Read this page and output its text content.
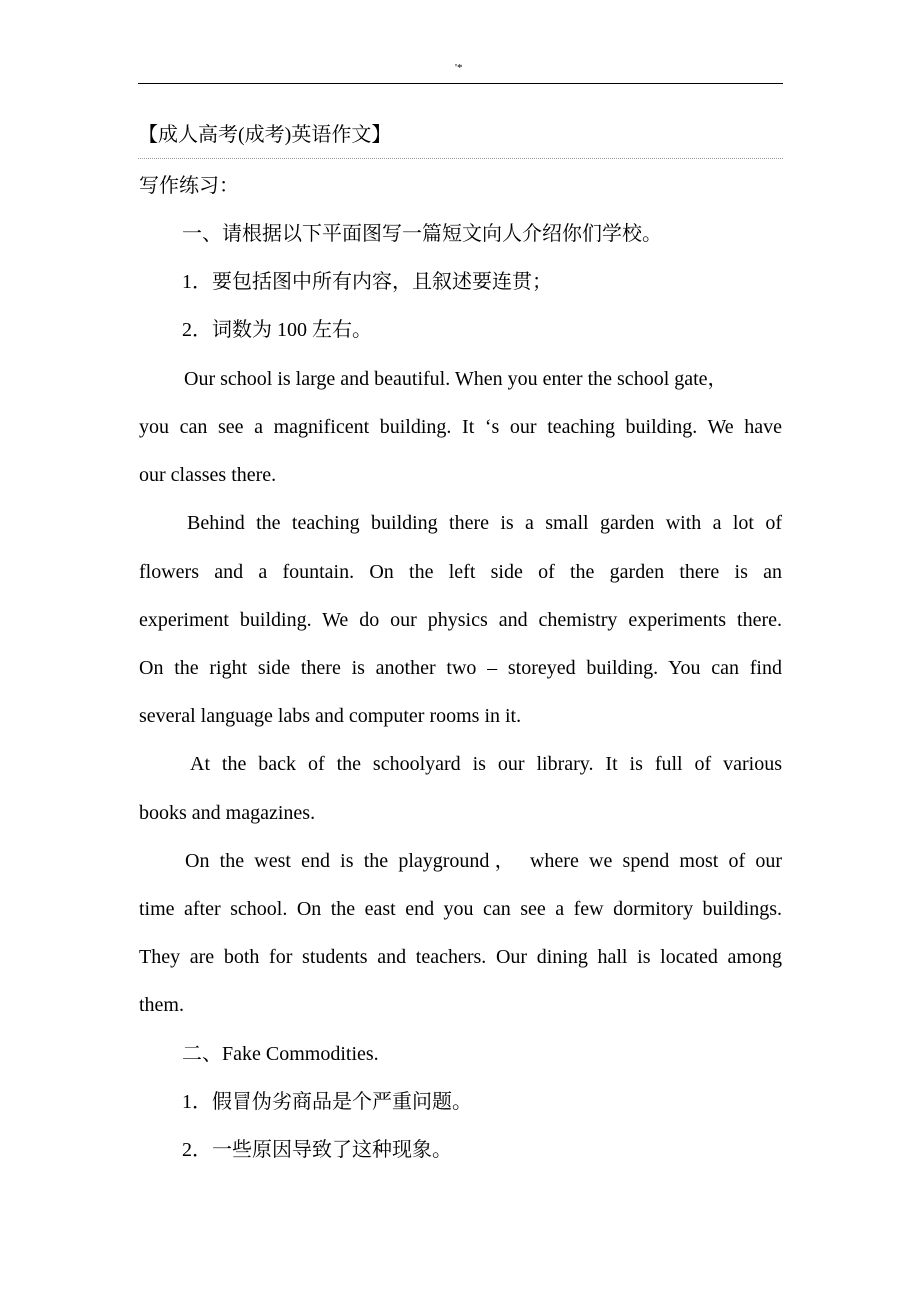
'*
【成人高考(成考)英语作文】
写作练习：
一、请根据以下平面图写一篇短文向人介绍你们学校。
1．要包括图中所有内容，且叙述要连贯；
2．词数为 100 左右。
Our school is large and beautiful. When you enter the school gate，
you can see a magnificent building. It ‘s our teaching building. We have
our classes there.
Behind the teaching building there is a small garden with a lot of
flowers and a fountain. On the left side of the garden there is an
experiment building. We do our physics and chemistry experiments there.
On the right side there is another two – storeyed building. You can find
several language labs and computer rooms in it.
At the back of the schoolyard is our library. It is full of various
books and magazines.
On the west end is the playground， where we spend most of our
time after school. On the east end you can see a few dormitory buildings.
They are both for students and teachers. Our dining hall is located among
them.
二、Fake Commodities.
1．假冒伪劣商品是个严重问题。
2．一些原因导致了这种现象。
